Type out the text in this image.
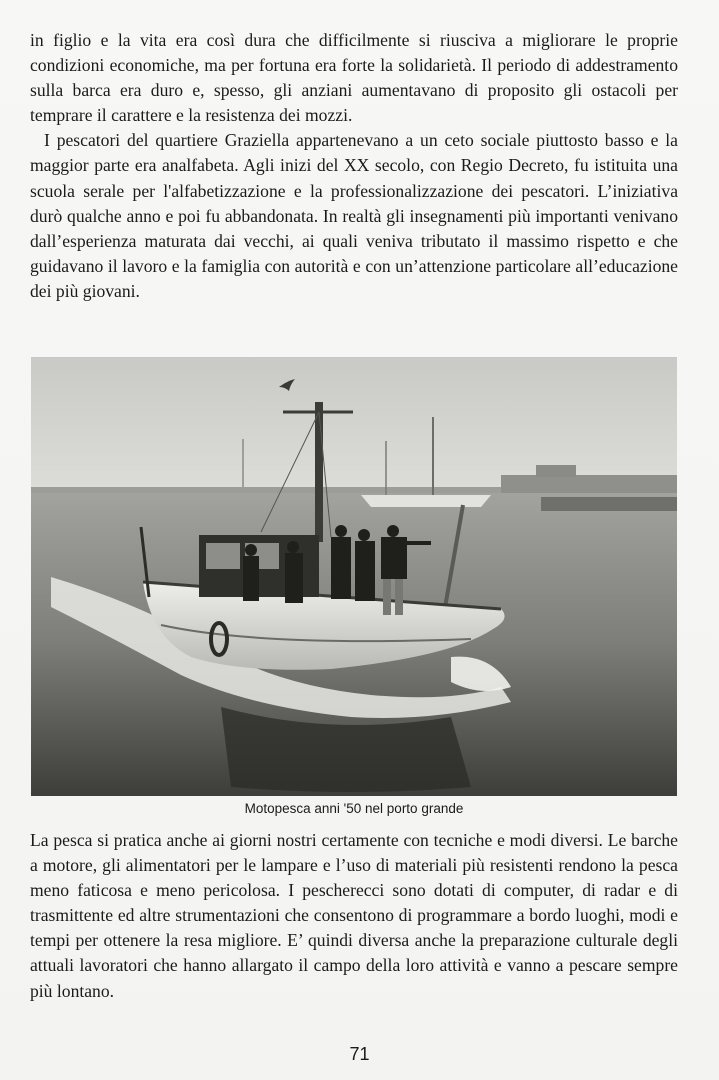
in figlio e la vita era così dura che difficilmente si riusciva a migliorare le proprie condizioni economiche, ma per fortuna era forte la solidarietà. Il periodo di addestramento sulla barca era duro e, spesso, gli anziani aumentavano di proposito gli ostacoli per temprare il carattere e la resistenza dei mozzi.

I pescatori del quartiere Graziella appartenevano a un ceto sociale piuttosto basso e la maggior parte era analfabeta. Agli inizi del XX secolo, con Regio Decreto, fu istituita una scuola serale per l'alfabetizzazione e la professionalizzazione dei pescatori. L’iniziativa durò qualche anno e poi fu abbandonata. In realtà gli insegnamenti più importanti venivano dall’esperienza maturata dai vecchi, ai quali veniva tributato il massimo rispetto e che guidavano il lavoro e la famiglia con autorità e con un’attenzione particolare all’educazione dei più giovani.

Motopesca anni '50 nel porto grande

La pesca si pratica anche ai giorni nostri certamente con tecniche e modi diversi. Le barche a motore, gli alimentatori per le lampare e l’uso di materiali più resistenti rendono la pesca meno faticosa e meno pericolosa. I pescherecci sono dotati di computer, di radar e di trasmittente ed altre strumentazioni che consentono di programmare a bordo luoghi, modi e tempi per ottenere la resa migliore. E’ quindi diversa anche la preparazione culturale degli attuali lavoratori che hanno allargato il campo della loro attività e vanno a pescare sempre più lontano.

71
